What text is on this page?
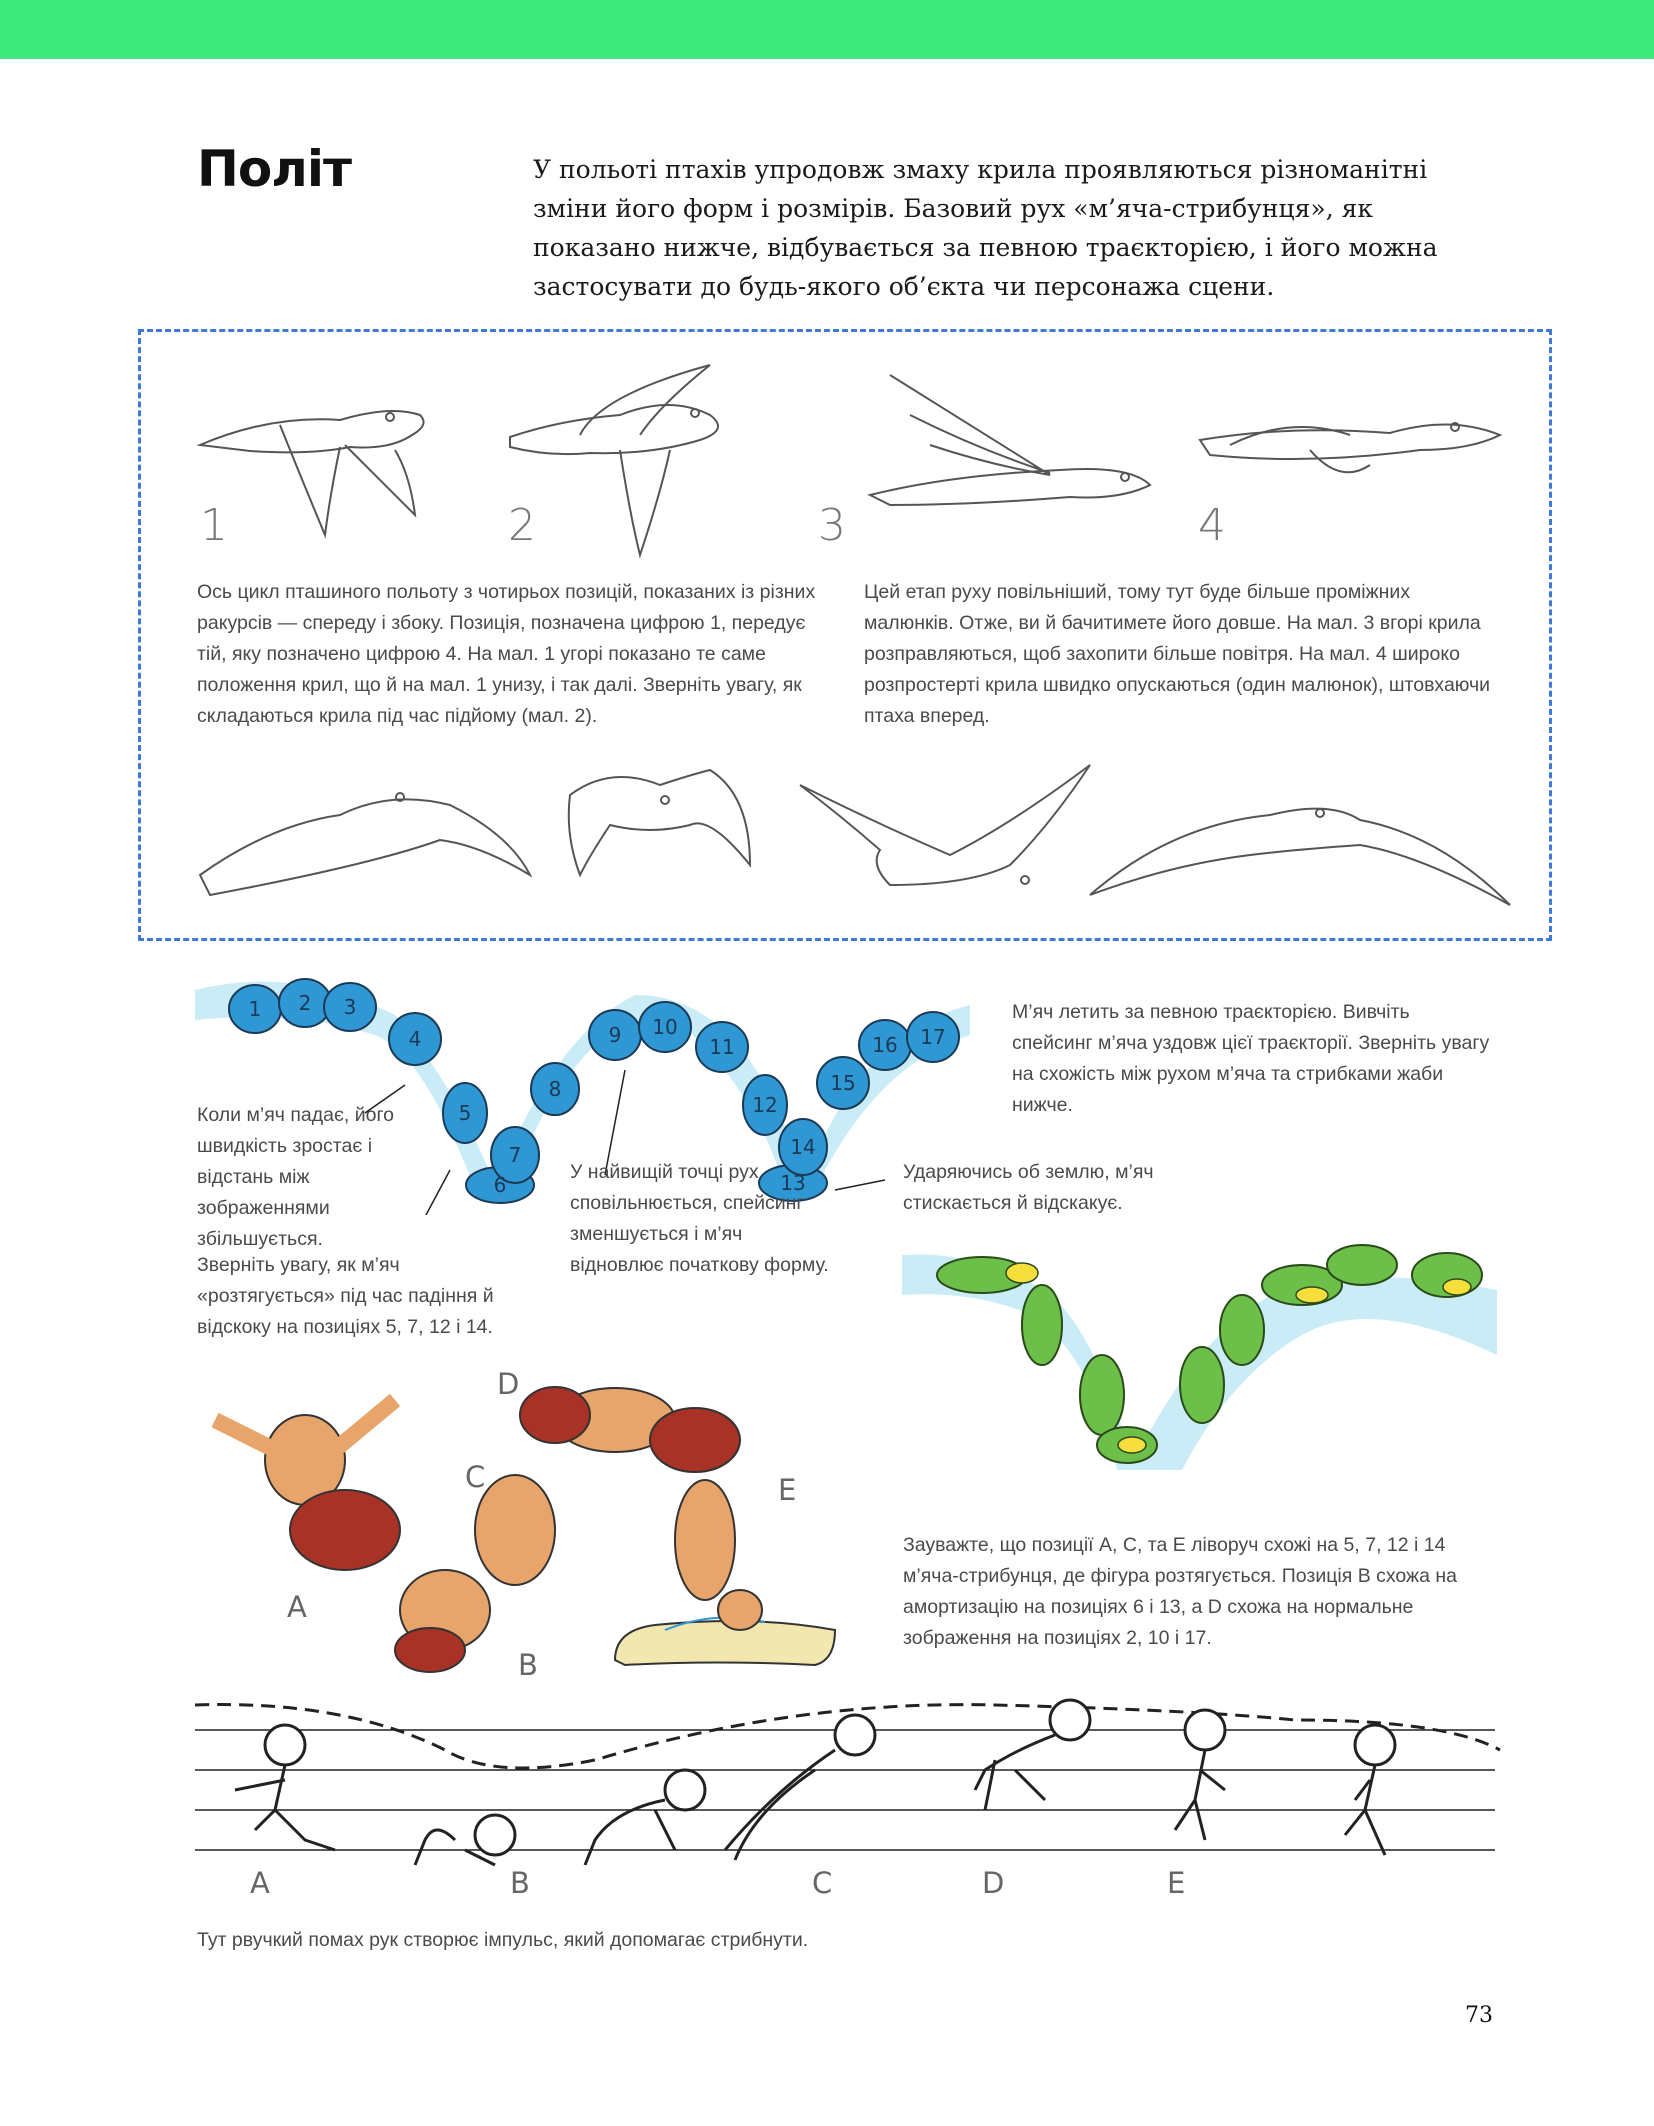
Політ	У польоті птахів упродовж змаху крила проявляються різноманітні зміни його форм і розмірів. Базовий рух «м’яча-стрибунця», як показано нижче, відбувається за певною траєкторією, і його можна застосувати до будь-якого об’єкта чи персонажа сцени.
1	2	3	4
Ось цикл пташиного польоту з чотирьох позицій, показаних із різних ракурсів — спереду і збоку. Позиція, позначена цифрою 1, передує тій, яку позначено цифрою 4. На мал. 1 угорі показано те саме положення крил, що й на мал. 1 унизу, і так далі. Зверніть увагу, як складаються крила під час підйому (мал. 2).
Цей етап руху повільніший, тому тут буде більше проміжних малюнків. Отже, ви й бачитимете його довше. На мал. 3 вгорі крила розправляються, щоб захопити більше повітря. На мал. 4 широко розпростерті крила швидко опускаються (один малюнок), штовхаючи птаха вперед.
1 2 3
4
5
6
7
8
9 10
11
12
13
14
15
16 17
М’яч летить за певною траєкторією. Вивчіть спейсинг м’яча уздовж цієї траєкторії. Зверніть увагу на схожість між рухом м’яча та стрибками жаби нижче.
Коли м’яч падає, його швидкість зростає і відстань між зображеннями збільшується.
У найвищій точці рух сповільнюється, спейсинг зменшується і м’яч відновлює початкову форму.
Ударяючись об землю, м’яч стискається й відскакує.
Зверніть увагу, як м’яч «розтягується» під час падіння й відскоку на позиціях 5, 7, 12 і 14.
D
C	E
A
B
Зауважте, що позиції A, C, та E ліворуч схожі на 5, 7, 12 і 14 м’яча-стрибунця, де фігура розтягується. Позиція B схожа на амортизацію на позиціях 6 і 13, а D схожа на нормальне зображення на позиціях 2, 10 і 17.
A	B	C	D	E
Тут рвучкий помах рук створює імпульс, який допомагає стрибнути.
73
